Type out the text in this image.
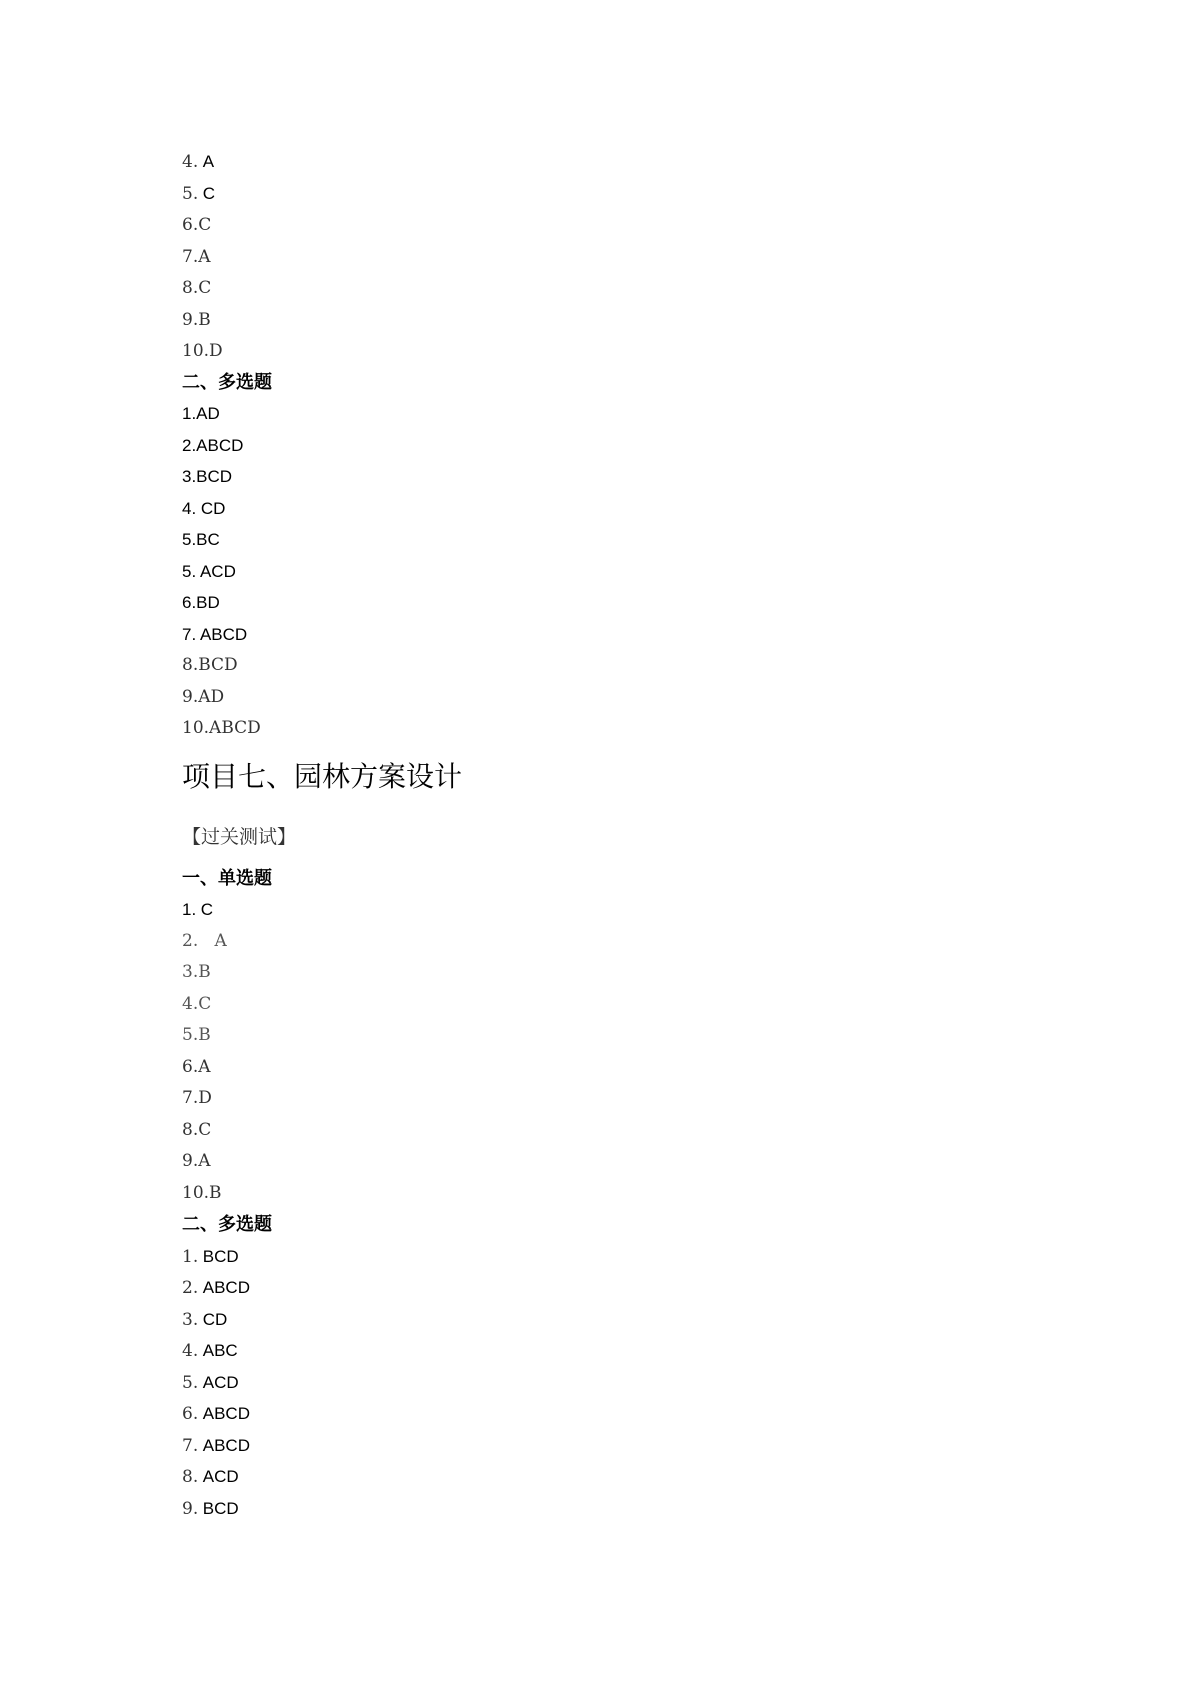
4. A
5. C
6.C
7.A
8.C
9.B
10.D
二、多选题
1.AD
2.ABCD
3.BCD
4. CD
5.BC
5. ACD
6.BD
7. ABCD
8.BCD
9.AD
10.ABCD
项目七、园林方案设计
【过关测试】
一、单选题
1. C
2.   A
3.B
4.C
5.B
6.A
7.D
8.C
9.A
10.B
二、多选题
1. BCD
2. ABCD
3. CD
4. ABC
5. ACD
6. ABCD
7. ABCD
8. ACD
9. BCD
